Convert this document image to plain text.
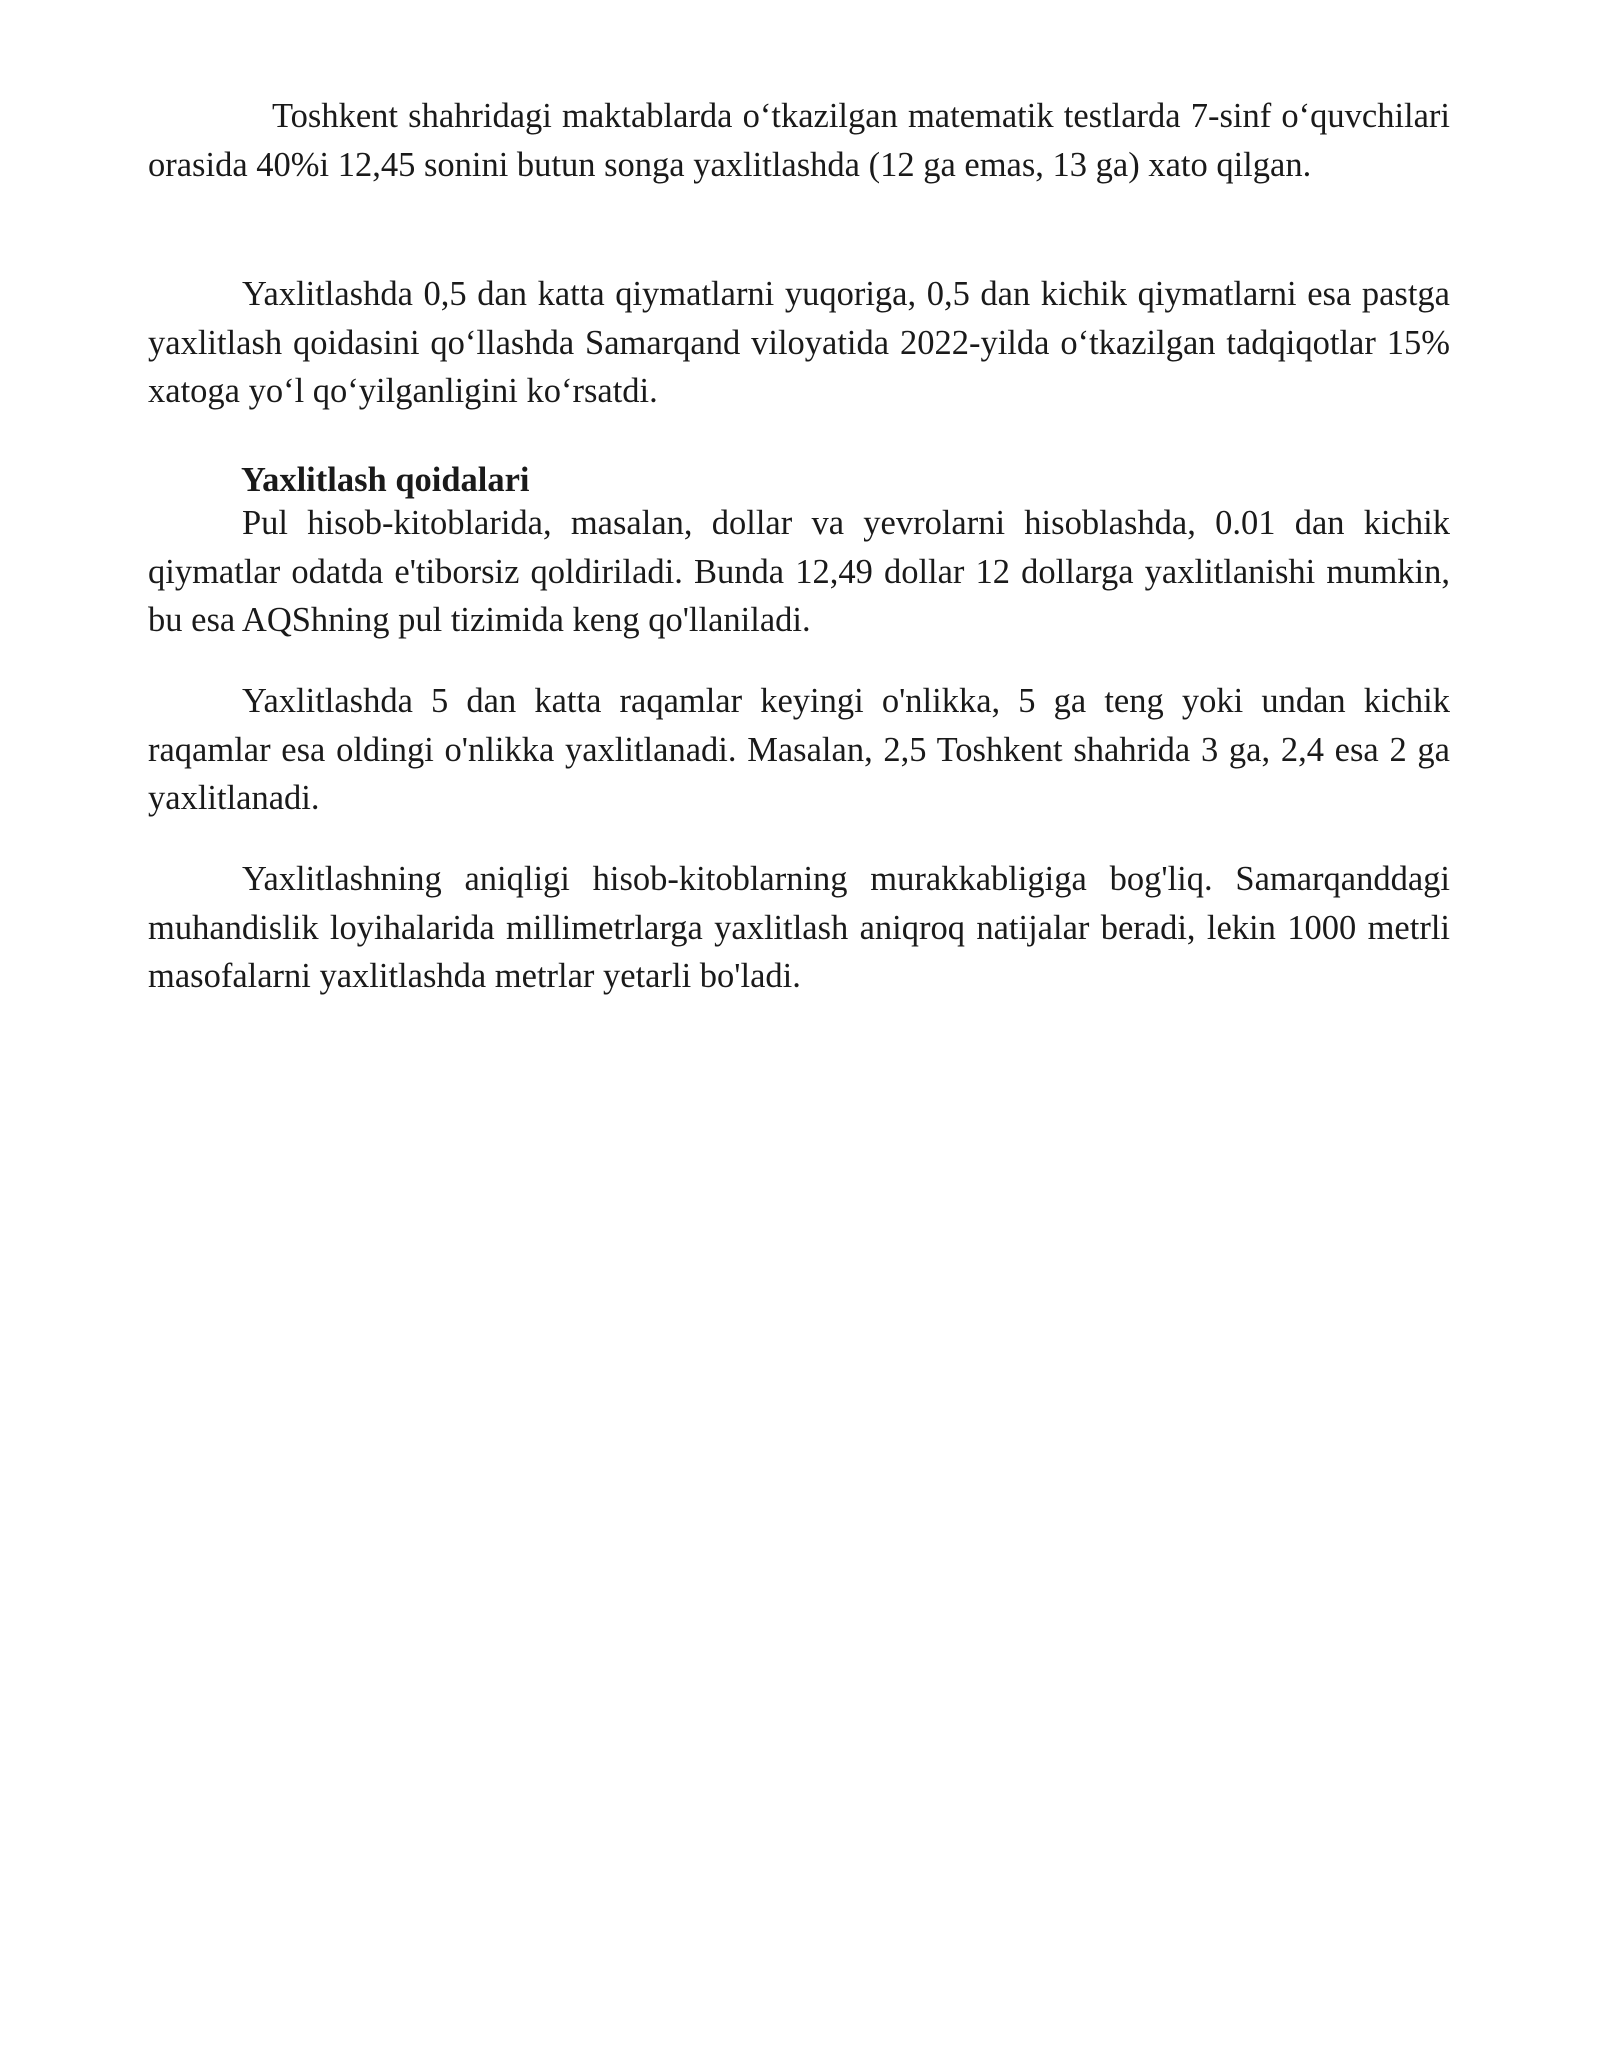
Toshkent shahridagi maktablarda o‘tkazilgan matematik testlarda 7-sinf o‘quvchilari orasida 40%i 12,45 sonini butun songa yaxlitlashda (12 ga emas, 13 ga) xato qilgan.

Yaxlitlashda 0,5 dan katta qiymatlarni yuqoriga, 0,5 dan kichik qiymatlarni esa pastga yaxlitlash qoidasini qo‘llashda Samarqand viloyatida 2022-yilda o‘tkazilgan tadqiqotlar 15% xatoga yo‘l qo‘yilganligini ko‘rsatdi.

Yaxlitlash qoidalari

Pul hisob-kitoblarida, masalan, dollar va yevrolarni hisoblashda, 0.01 dan kichik qiymatlar odatda e'tiborsiz qoldiriladi. Bunda 12,49 dollar 12 dollarga yaxlitlanishi mumkin, bu esa AQShning pul tizimida keng qo'llaniladi.

Yaxlitlashda 5 dan katta raqamlar keyingi o'nlikka, 5 ga teng yoki undan kichik raqamlar esa oldingi o'nlikka yaxlitlanadi. Masalan, 2,5 Toshkent shahrida 3 ga, 2,4 esa 2 ga yaxlitlanadi.

Yaxlitlashning aniqligi hisob-kitoblarning murakkabligiga bog'liq. Samarqanddagi muhandislik loyihalarida millimetrlarga yaxlitlash aniqroq natijalar beradi, lekin 1000 metrli masofalarni yaxlitlashda metrlar yetarli bo'ladi.
